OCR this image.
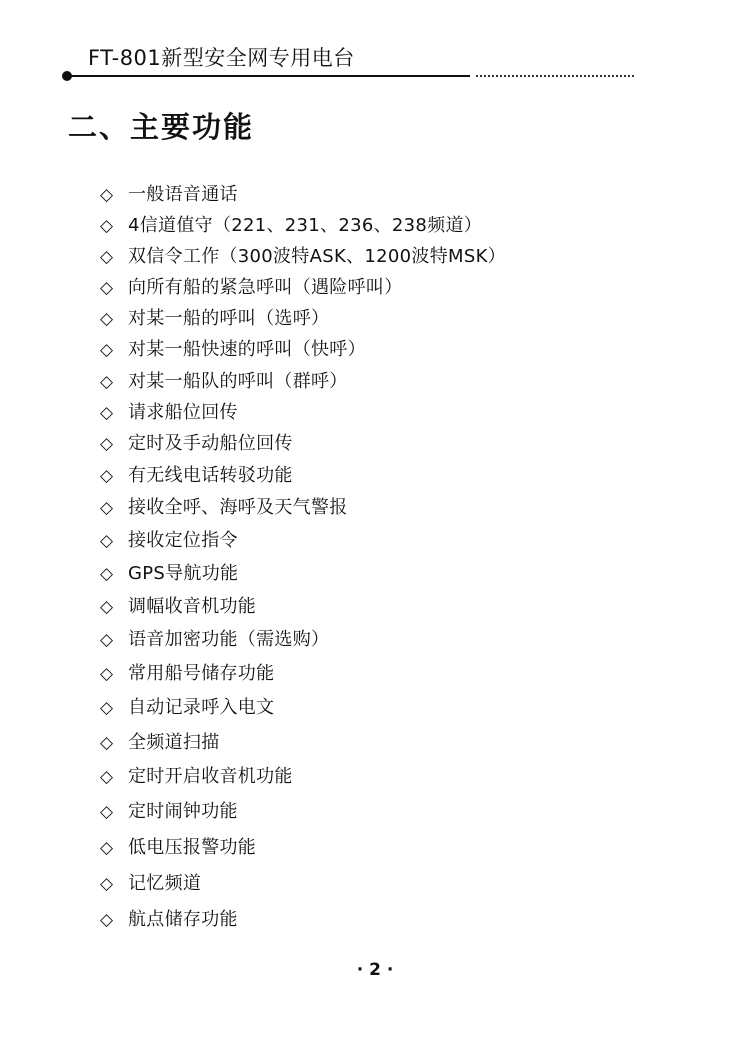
FT-801新型安全网专用电台
二、主要功能
◇ 一般语音通话
◇ 4信道值守（221、231、236、238频道）
◇ 双信令工作（300波特ASK、1200波特MSK）
◇ 向所有船的紧急呼叫（遇险呼叫）
◇ 对某一船的呼叫（选呼）
◇ 对某一船快速的呼叫（快呼）
◇ 对某一船队的呼叫（群呼）
◇ 请求船位回传
◇ 定时及手动船位回传
◇ 有无线电话转驳功能
◇ 接收全呼、海呼及天气警报
◇ 接收定位指令
◇ GPS导航功能
◇ 调幅收音机功能
◇ 语音加密功能（需选购）
◇ 常用船号储存功能
◇ 自动记录呼入电文
◇ 全频道扫描
◇ 定时开启收音机功能
◇ 定时闹钟功能
◇ 低电压报警功能
◇ 记忆频道
◇ 航点储存功能
· 2 ·
